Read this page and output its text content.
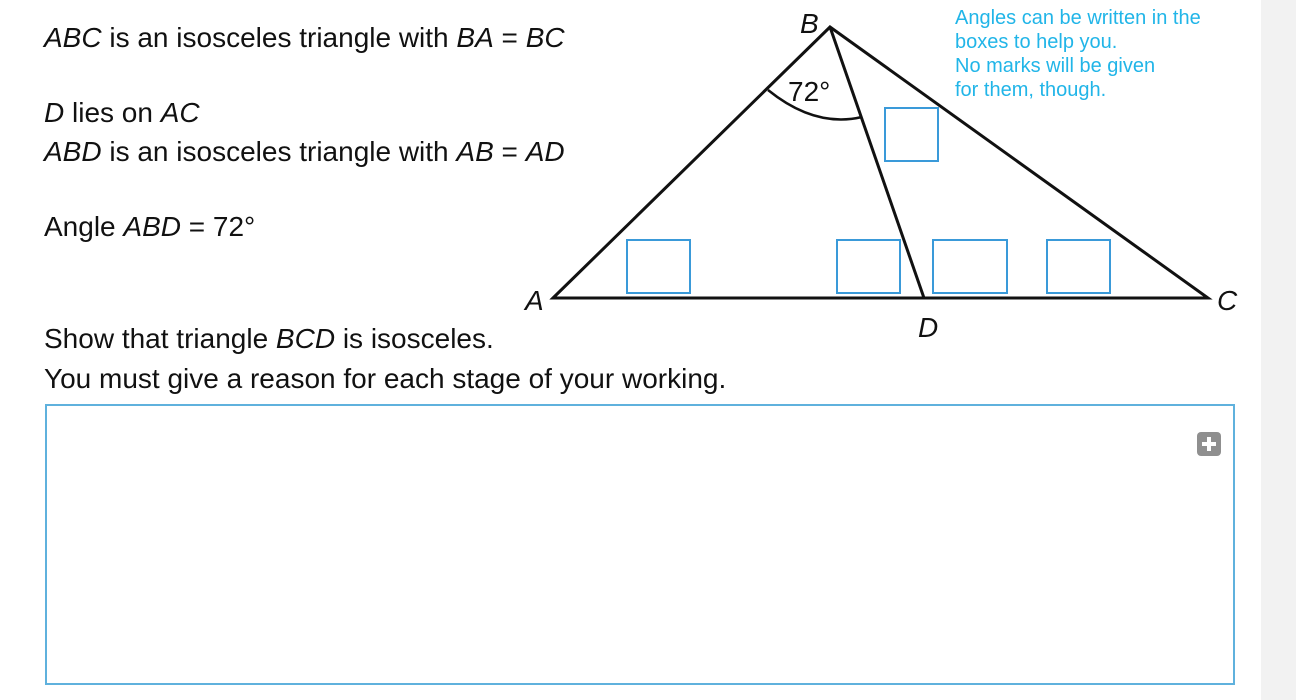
ABC is an isosceles triangle with BA = BC
D lies on AC
ABD is an isosceles triangle with AB = AD
Angle ABD = 72°
Show that triangle BCD is isosceles.
You must give a reason for each stage of your working.
Angles can be written in the
boxes to help you.
No marks will be given
for them, though.
72°
B
A	C
D
